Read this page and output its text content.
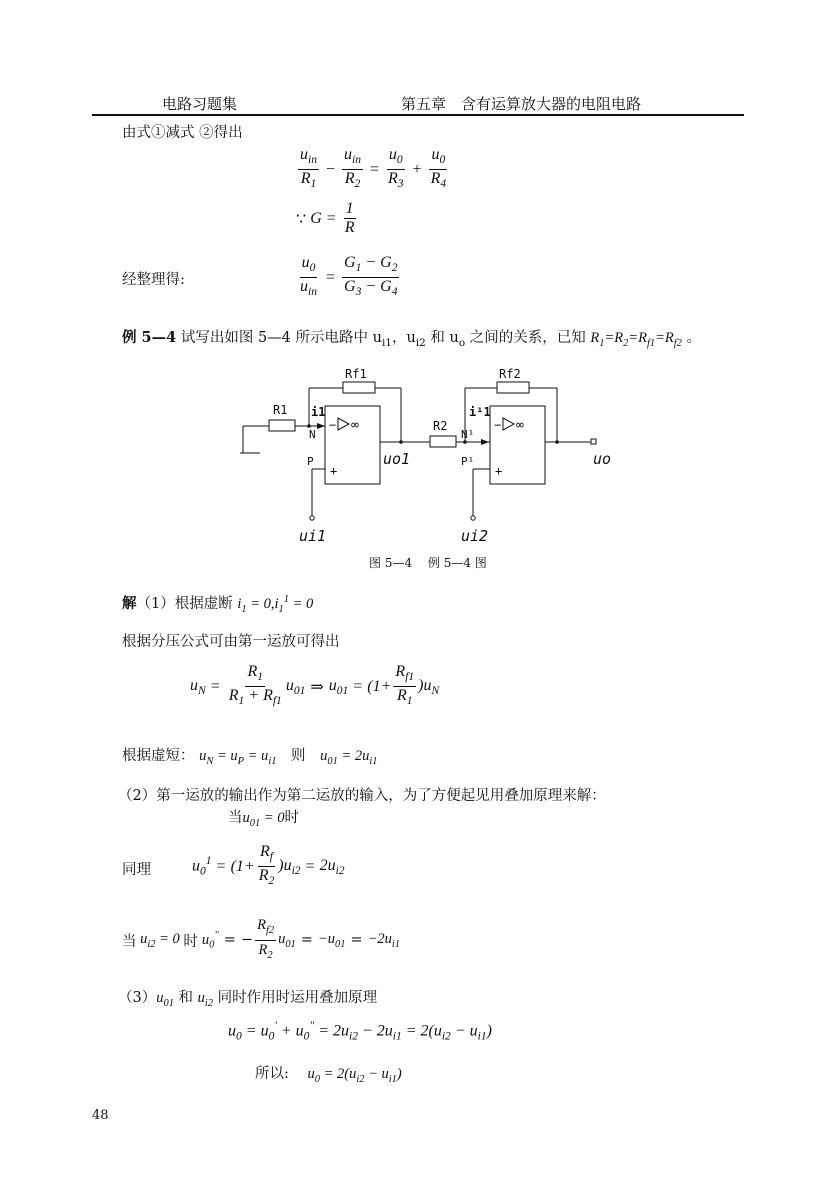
电路习题集	第五章　含有运算放大器的电阻电路
由式①减式 ②得出
$\frac{u_{in}}{R_1} - \frac{u_{in}}{R_2} = \frac{u_0}{R_3} + \frac{u_0}{R_4}$
∵ $G = \frac{1}{R}$
经整理得:	$\frac{u_0}{u_{in}} = \frac{G_1 - G_2}{G_3 - G_4}$
例 5—4 试写出如图 5—4 所示电路中 $u_{i1}$，$u_{i2}$ 和 $u_o$ 之间的关系，已知 $R_1=R_2=R_{f1}=R_{f2}$ 。
Rf1	Rf2
R1
R2
i1	i¹1
N	N¹
P	P¹
−	−
+	+
∞	∞
uo1	uo
ui1	ui2
图 5—4　 例 5—4 图
解（1）根据虚断 $i_1 = 0,i_1^1 = 0$
根据分压公式可由第一运放可得出
$u_N = \frac{R_1}{R_1 + R_{f1}} u_{01}$ ⇒ $u_{01} = (1+ \frac{R_{f1}}{R_1} )u_N$
根据虚短： $u_N = u_P = u_{i1}$ 则 $u_{01} = 2u_{i1}$
（2）第一运放的输出作为第二运放的输入，为了方便起见用叠加原理来解：
当$u_{01} = 0$时
同理	$u_0^1 = (1+ \frac{R_f}{R_2} )u_{i2} = 2u_{i2}$
当 $u_{i2} = 0$ 时 $u_0^"$ = − $\frac{R_{f2}}{R_2} u_{01} = -u_{01} = -2u_{i1}$
$(3)u_{01}$ 和 $u_{i2}$ 同时作用时运用叠加原理
$u_0 = u_0' + u_0^" = 2u_{i2} - 2u_{i1} = 2(u_{i2} - u_{i1})$
所以: $u_0 = 2(u_{i2} - u_{i1})$
48
